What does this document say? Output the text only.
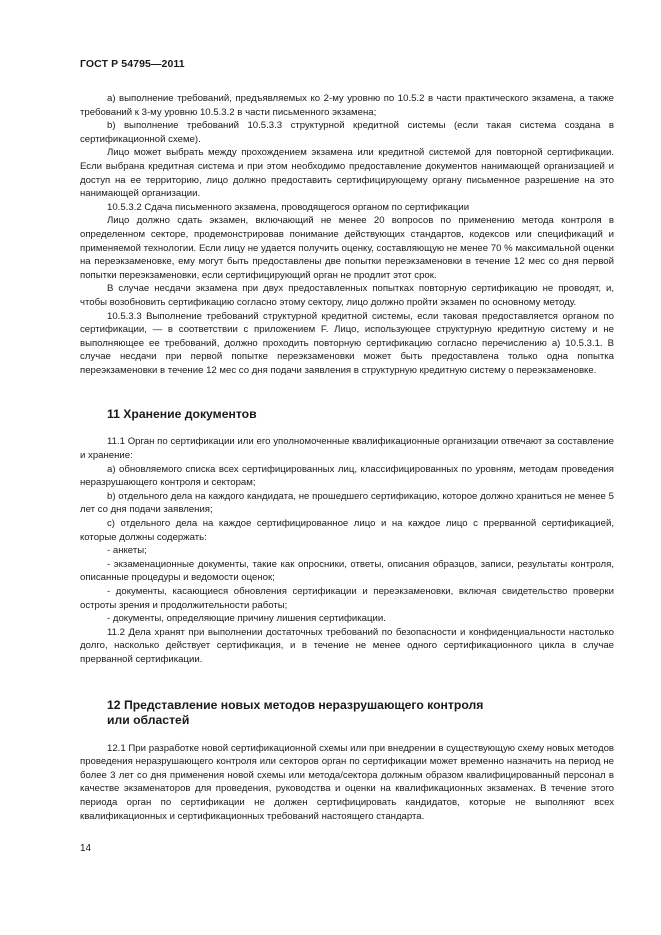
ГОСТ Р 54795—2011

а) выполнение требований, предъявляемых ко 2-му уровню по 10.5.2 в части практического экзамена, а также требований к 3-му уровню 10.5.3.2 в части письменного экзамена;

b) выполнение требований 10.5.3.3 структурной кредитной системы (если такая система создана в сертификационной схеме).

Лицо может выбрать между прохождением экзамена или кредитной системой для повторной сертификации. Если выбрана кредитная система и при этом необходимо предоставление документов нанимающей организацией и доступ на ее территорию, лицо должно предоставить сертифицирующему органу письменное разрешение на это нанимающей организации.

10.5.3.2 Сдача письменного экзамена, проводящегося органом по сертификации

Лицо должно сдать экзамен, включающий не менее 20 вопросов по применению метода контроля в определенном секторе, продемонстрировав понимание действующих стандартов, кодексов или спецификаций и применяемой технологии. Если лицу не удается получить оценку, составляющую не менее 70 % максимальной оценки на переэкзаменовке, ему могут быть предоставлены две попытки переэкзаменовки в течение 12 мес со дня первой попытки переэкзаменовки, если сертифицирующий орган не продлит этот срок.

В случае несдачи экзамена при двух предоставленных попытках повторную сертификацию не проводят, и, чтобы возобновить сертификацию согласно этому сектору, лицо должно пройти экзамен по основному методу.

10.5.3.3 Выполнение требований структурной кредитной системы, если таковая предоставляется органом по сертификации, — в соответствии с приложением F. Лицо, использующее структурную кредитную систему и не выполняющее ее требований, должно проходить повторную сертификацию согласно перечислению а) 10.5.3.1. В случае несдачи при первой попытке переэкзаменовки может быть предоставлена только одна попытка переэкзаменовки в течение 12 мес со дня подачи заявления в структурную кредитную систему о переэкзаменовке.

11 Хранение документов

11.1 Орган по сертификации или его уполномоченные квалификационные организации отвечают за составление и хранение:

а) обновляемого списка всех сертифицированных лиц, классифицированных по уровням, методам проведения неразрушающего контроля и секторам;

b) отдельного дела на каждого кандидата, не прошедшего сертификацию, которое должно храниться не менее 5 лет со дня подачи заявления;

с) отдельного дела на каждое сертифицированное лицо и на каждое лицо с прерванной сертификацией, которые должны содержать:

- анкеты;

- экзаменационные документы, такие как опросники, ответы, описания образцов, записи, результаты контроля, описанные процедуры и ведомости оценок;

- документы, касающиеся обновления сертификации и переэкзаменовки, включая свидетельство проверки остроты зрения и продолжительности работы;

- документы, определяющие причину лишения сертификации.

11.2 Дела хранят при выполнении достаточных требований по безопасности и конфиденциальности настолько долго, насколько действует сертификация, и в течение не менее одного сертификационного цикла в случае прерванной сертификации.

12 Представление новых методов неразрушающего контроля
или областей

12.1 При разработке новой сертификационной схемы или при внедрении в существующую схему новых методов проведения неразрушающего контроля или секторов орган по сертификации может временно назначить на период не более 3 лет со дня применения новой схемы или метода/сектора должным образом квалифицированный персонал в качестве экзаменаторов для проведения, руководства и оценки на квалификационных экзаменах. В течение этого периода орган по сертификации не должен сертифицировать кандидатов, которые не выполняют всех квалификационных и сертификационных требований настоящего стандарта.

14
